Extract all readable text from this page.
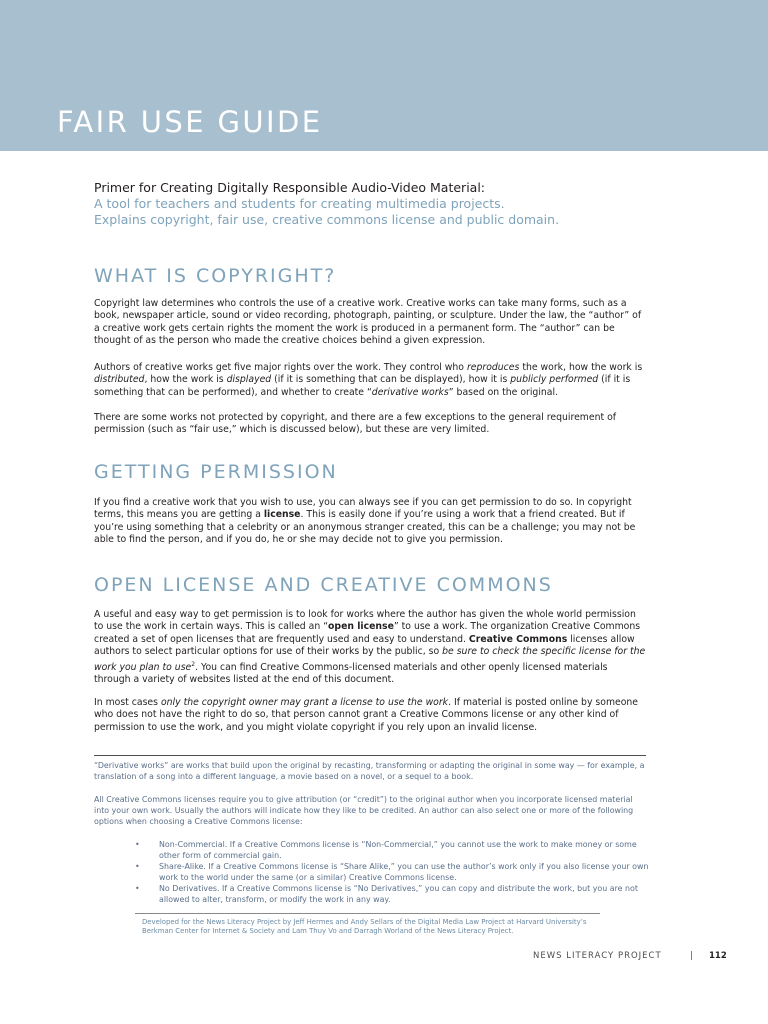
FAIR USE GUIDE

Primer for Creating Digitally Responsible Audio-Video Material:

A tool for teachers and students for creating multimedia projects.

Explains copyright, fair use, creative commons license and public domain.

WHAT IS COPYRIGHT?

Copyright law determines who controls the use of a creative work. Creative works can take many forms, such as a book, newspaper article, sound or video recording, photograph, painting, or sculpture. Under the law, the “author” of a creative work gets certain rights the moment the work is produced in a permanent form. The “author” can be thought of as the person who made the creative choices behind a given expression.

Authors of creative works get five major rights over the work. They control who reproduces the work, how the work is distributed, how the work is displayed (if it is something that can be displayed), how it is publicly performed (if it is something that can be performed), and whether to create “derivative works” based on the original.

There are some works not protected by copyright, and there are a few exceptions to the general requirement of permission (such as “fair use,” which is discussed below), but these are very limited.

GETTING PERMISSION

If you find a creative work that you wish to use, you can always see if you can get permission to do so. In copyright terms, this means you are getting a license. This is easily done if you’re using a work that a friend created. But if you’re using something that a celebrity or an anonymous stranger created, this can be a challenge; you may not be able to find the person, and if you do, he or she may decide not to give you permission.

OPEN LICENSE AND CREATIVE COMMONS

A useful and easy way to get permission is to look for works where the author has given the whole world permission to use the work in certain ways. This is called an “open license” to use a work. The organization Creative Commons created a set of open licenses that are frequently used and easy to understand. Creative Commons licenses allow authors to select particular options for use of their works by the public, so be sure to check the specific license for the work you plan to use$^2$. You can find Creative Commons-licensed materials and other openly licensed materials through a variety of websites listed at the end of this document.

In most cases only the copyright owner may grant a license to use the work. If material is posted online by someone who does not have the right to do so, that person cannot grant a Creative Commons license or any other kind of permission to use the work, and you might violate copyright if you rely upon an invalid license.

“Derivative works” are works that build upon the original by recasting, transforming or adapting the original in some way — for example, a translation of a song into a different language, a movie based on a novel, or a sequel to a book.

All Creative Commons licenses require you to give attribution (or “credit”) to the original author when you incorporate licensed material into your own work. Usually the authors will indicate how they like to be credited. An author can also select one or more of the following options when choosing a Creative Commons license:

• Non-Commercial. If a Creative Commons license is “Non-Commercial,” you cannot use the work to make money or some other form of commercial gain.
• Share-Alike. If a Creative Commons license is “Share Alike,” you can use the author’s work only if you also license your own work to the world under the same (or a similar) Creative Commons license.
• No Derivatives. If a Creative Commons license is “No Derivatives,” you can copy and distribute the work, but you are not allowed to alter, transform, or modify the work in any way.

Developed for the News Literacy Project by Jeff Hermes and Andy Sellars of the Digital Media Law Project at Harvard University’s Berkman Center for Internet & Society and Lam Thuy Vo and Darragh Worland of the News Literacy Project.

NEWS LITERACY PROJECT	| 112
